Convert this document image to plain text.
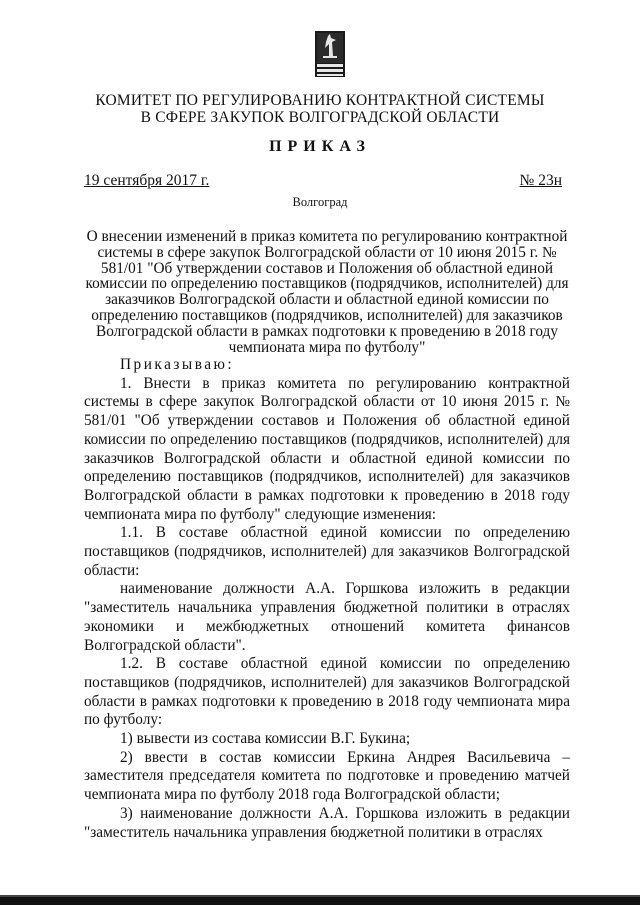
КОМИТЕТ ПО РЕГУЛИРОВАНИЮ КОНТРАКТНОЙ СИСТЕМЫ
В СФЕРЕ ЗАКУПОК ВОЛГОГРАДСКОЙ ОБЛАСТИ
ПРИКАЗ
19 сентября 2017 г.	№ 23н
Волгоград

О внесении изменений в приказ комитета по регулированию контрактной системы в сфере закупок Волгоградской области от 10 июня 2015 г. № 581/01 "Об утверждении составов и Положения об областной единой комиссии по определению поставщиков (подрядчиков, исполнителей) для заказчиков Волгоградской области и областной единой комиссии по определению поставщиков (подрядчиков, исполнителей) для заказчиков Волгоградской области в рамках подготовки к проведению в 2018 году чемпионата мира по футболу"

Приказываю:

1. Внести в приказ комитета по регулированию контрактной системы в сфере закупок Волгоградской области от 10 июня 2015 г. № 581/01 "Об утверждении составов и Положения об областной единой комиссии по определению поставщиков (подрядчиков, исполнителей) для заказчиков Волгоградской области и областной единой комиссии по определению поставщиков (подрядчиков, исполнителей) для заказчиков Волгоградской области в рамках подготовки к проведению в 2018 году чемпионата мира по футболу" следующие изменения:

1.1. В составе областной единой комиссии по определению поставщиков (подрядчиков, исполнителей) для заказчиков Волгоградской области:

наименование должности А.А. Горшкова изложить в редакции "заместитель начальника управления бюджетной политики в отраслях экономики и межбюджетных отношений комитета финансов Волгоградской области".

1.2. В составе областной единой комиссии по определению поставщиков (подрядчиков, исполнителей) для заказчиков Волгоградской области в рамках подготовки к проведению в 2018 году чемпионата мира по футболу:

1) вывести из состава комиссии В.Г. Букина;

2) ввести в состав комиссии Еркина Андрея Васильевича – заместителя председателя комитета по подготовке и проведению матчей чемпионата мира по футболу 2018 года Волгоградской области;

3) наименование должности А.А. Горшкова изложить в редакции "заместитель начальника управления бюджетной политики в отраслях
